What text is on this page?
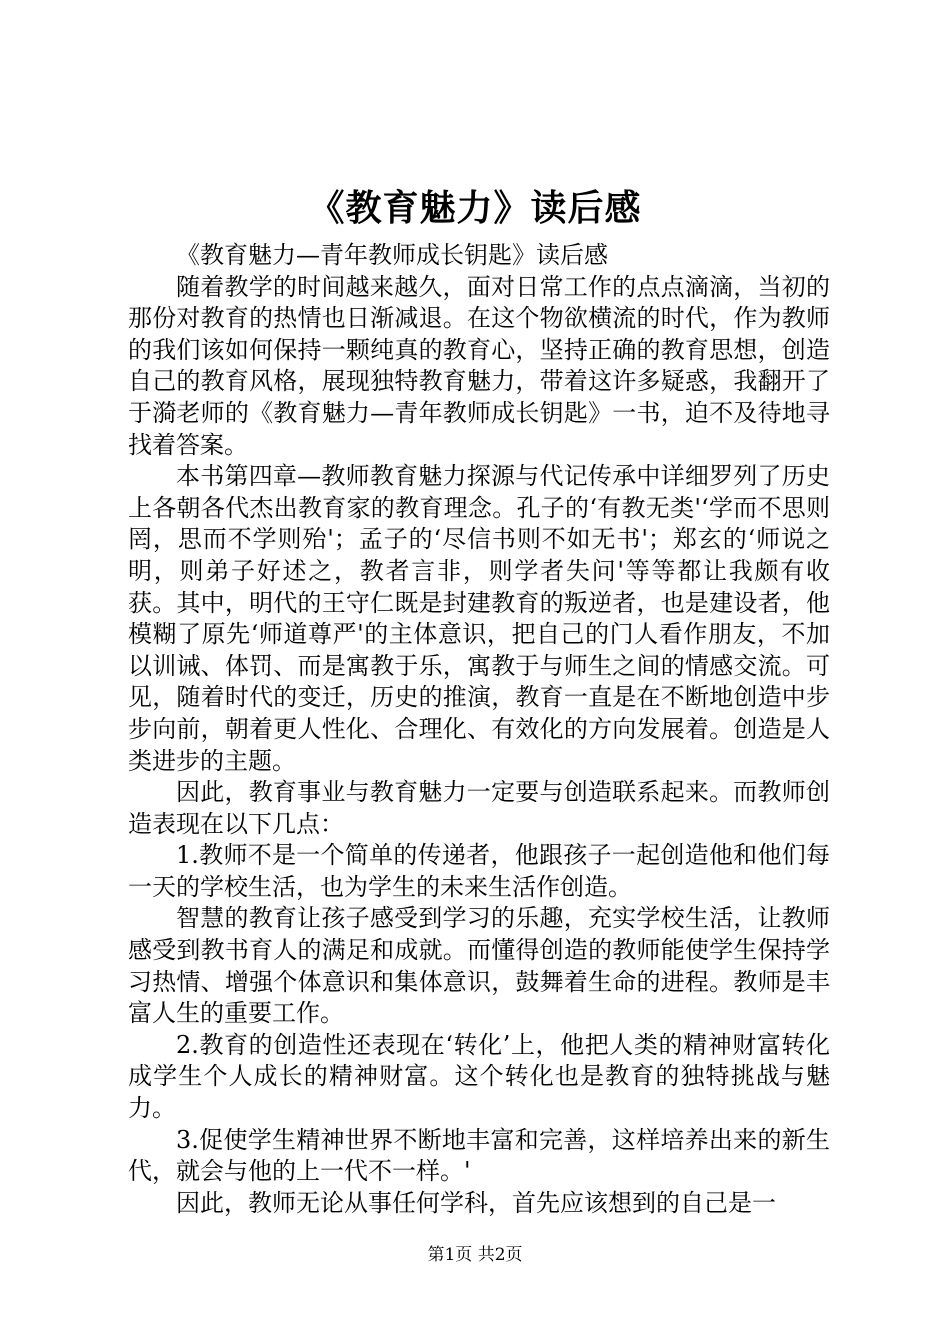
《教育魅力》读后感

《教育魅力—青年教师成长钥匙》读后感

随着教学的时间越来越久，面对日常工作的点点滴滴，当初的那份对教育的热情也日渐减退。在这个物欲横流的时代，作为教师的我们该如何保持一颗纯真的教育心，坚持正确的教育思想，创造自己的教育风格，展现独特教育魅力，带着这许多疑惑，我翻开了于漪老师的《教育魅力—青年教师成长钥匙》一书，迫不及待地寻找着答案。

本书第四章—教师教育魅力探源与代记传承中详细罗列了历史上各朝各代杰出教育家的教育理念。孔子的‘有教无类'‘学而不思则罔，思而不学则殆'；孟子的‘尽信书则不如无书'；郑玄的‘师说之明，则弟子好述之，教者言非，则学者失问'等等都让我颇有收获。其中，明代的王守仁既是封建教育的叛逆者，也是建设者，他模糊了原先‘师道尊严'的主体意识，把自己的门人看作朋友，不加以训诫、体罚、而是寓教于乐，寓教于与师生之间的情感交流。可见，随着时代的变迁，历史的推演，教育一直是在不断地创造中步步向前，朝着更人性化、合理化、有效化的方向发展着。创造是人类进步的主题。

因此，教育事业与教育魅力一定要与创造联系起来。而教师创造表现在以下几点：

1.教师不是一个简单的传递者，他跟孩子一起创造他和他们每一天的学校生活，也为学生的未来生活作创造。

智慧的教育让孩子感受到学习的乐趣，充实学校生活，让教师感受到教书育人的满足和成就。而懂得创造的教师能使学生保持学习热情、增强个体意识和集体意识，鼓舞着生命的进程。教师是丰富人生的重要工作。

2.教育的创造性还表现在‘转化’上，他把人类的精神财富转化成学生个人成长的精神财富。这个转化也是教育的独特挑战与魅力。

3.促使学生精神世界不断地丰富和完善，这样培养出来的新生代，就会与他的上一代不一样。'

因此，教师无论从事任何学科，首先应该想到的自己是一

第1页 共2页
